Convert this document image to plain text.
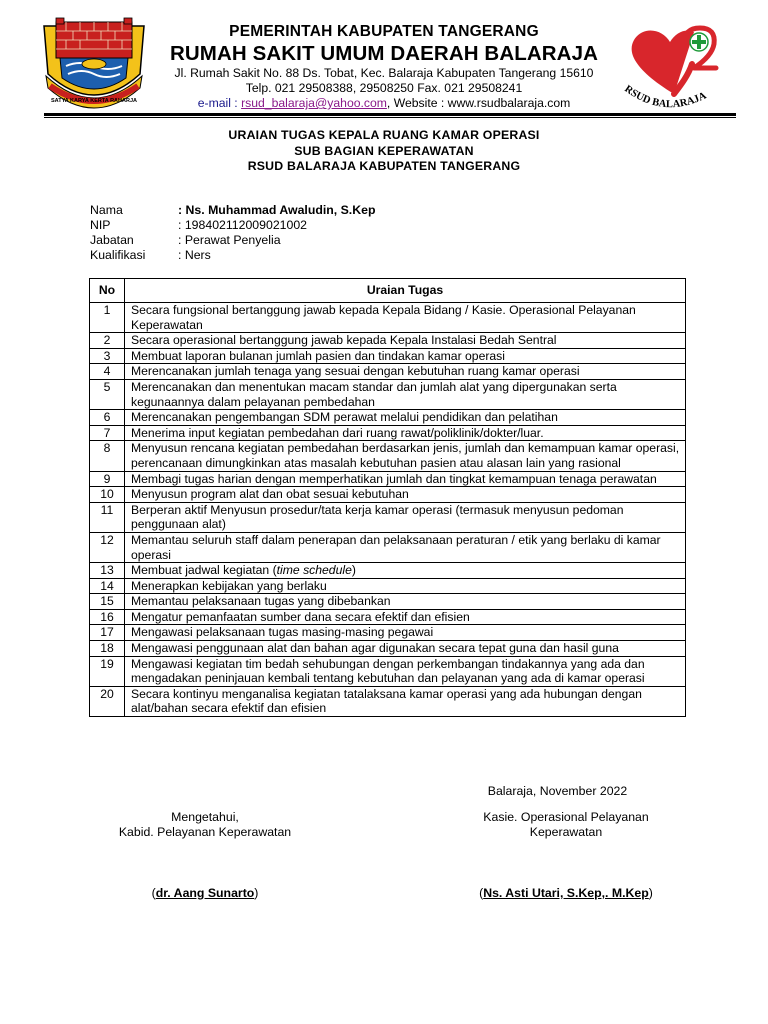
SATYA KARYA KERTA RAHARJA
PEMERINTAH KABUPATEN TANGERANG
RUMAH SAKIT UMUM DAERAH BALARAJA
Jl. Rumah Sakit No. 88 Ds. Tobat, Kec. Balaraja Kabupaten Tangerang 15610
Telp. 021 29508388, 29508250 Fax. 021 29508241
e-mail : rsud_balaraja@yahoo.com, Website : www.rsudbalaraja.com
RSUD BALARAJA
URAIAN TUGAS KEPALA RUANG KAMAR OPERASI
SUB BAGIAN KEPERAWATAN
RSUD BALARAJA KABUPATEN TANGERANG
Nama	: Ns. Muhammad Awaludin, S.Kep
NIP	: 198402112009021002
Jabatan	: Perawat Penyelia
Kualifikasi	: Ners
No	Uraian Tugas
1	Secara fungsional bertanggung jawab kepada Kepala Bidang / Kasie. Operasional Pelayanan Keperawatan
2	Secara operasional bertanggung jawab kepada Kepala Instalasi Bedah Sentral
3	Membuat laporan bulanan jumlah pasien dan tindakan kamar operasi
4	Merencanakan jumlah tenaga yang sesuai dengan kebutuhan ruang kamar operasi
5	Merencanakan dan menentukan macam standar dan jumlah alat yang dipergunakan serta kegunaannya dalam pelayanan pembedahan
6	Merencanakan pengembangan SDM perawat melalui pendidikan dan pelatihan
7	Menerima input kegiatan pembedahan dari ruang rawat/poliklinik/dokter/luar.
8	Menyusun rencana kegiatan pembedahan berdasarkan jenis, jumlah dan kemampuan kamar operasi, perencanaan dimungkinkan atas masalah kebutuhan pasien atau alasan lain yang rasional
9	Membagi tugas harian dengan memperhatikan jumlah dan tingkat kemampuan tenaga perawatan
10	Menyusun program alat dan obat sesuai kebutuhan
11	Berperan aktif Menyusun prosedur/tata kerja kamar operasi (termasuk menyusun pedoman penggunaan alat)
12	Memantau seluruh staff dalam penerapan dan pelaksanaan peraturan / etik yang berlaku di kamar operasi
13	Membuat jadwal kegiatan (time schedule)
14	Menerapkan kebijakan yang berlaku
15	Memantau pelaksanaan tugas yang dibebankan
16	Mengatur pemanfaatan sumber dana secara efektif dan efisien
17	Mengawasi pelaksanaan tugas masing-masing pegawai
18	Mengawasi penggunaan alat dan bahan agar digunakan secara tepat guna dan hasil guna
19	Mengawasi kegiatan tim bedah sehubungan dengan perkembangan tindakannya yang ada dan mengadakan peninjauan kembali tentang kebutuhan dan pelayanan yang ada di kamar operasi
20	Secara kontinyu menganalisa kegiatan tatalaksana kamar operasi yang ada hubungan dengan alat/bahan secara efektif dan efisien
Balaraja, November 2022
Mengetahui,
Kabid. Pelayanan Keperawatan
Kasie. Operasional Pelayanan
Keperawatan
(dr. Aang Sunarto)	(Ns. Asti Utari, S.Kep,. M.Kep)
